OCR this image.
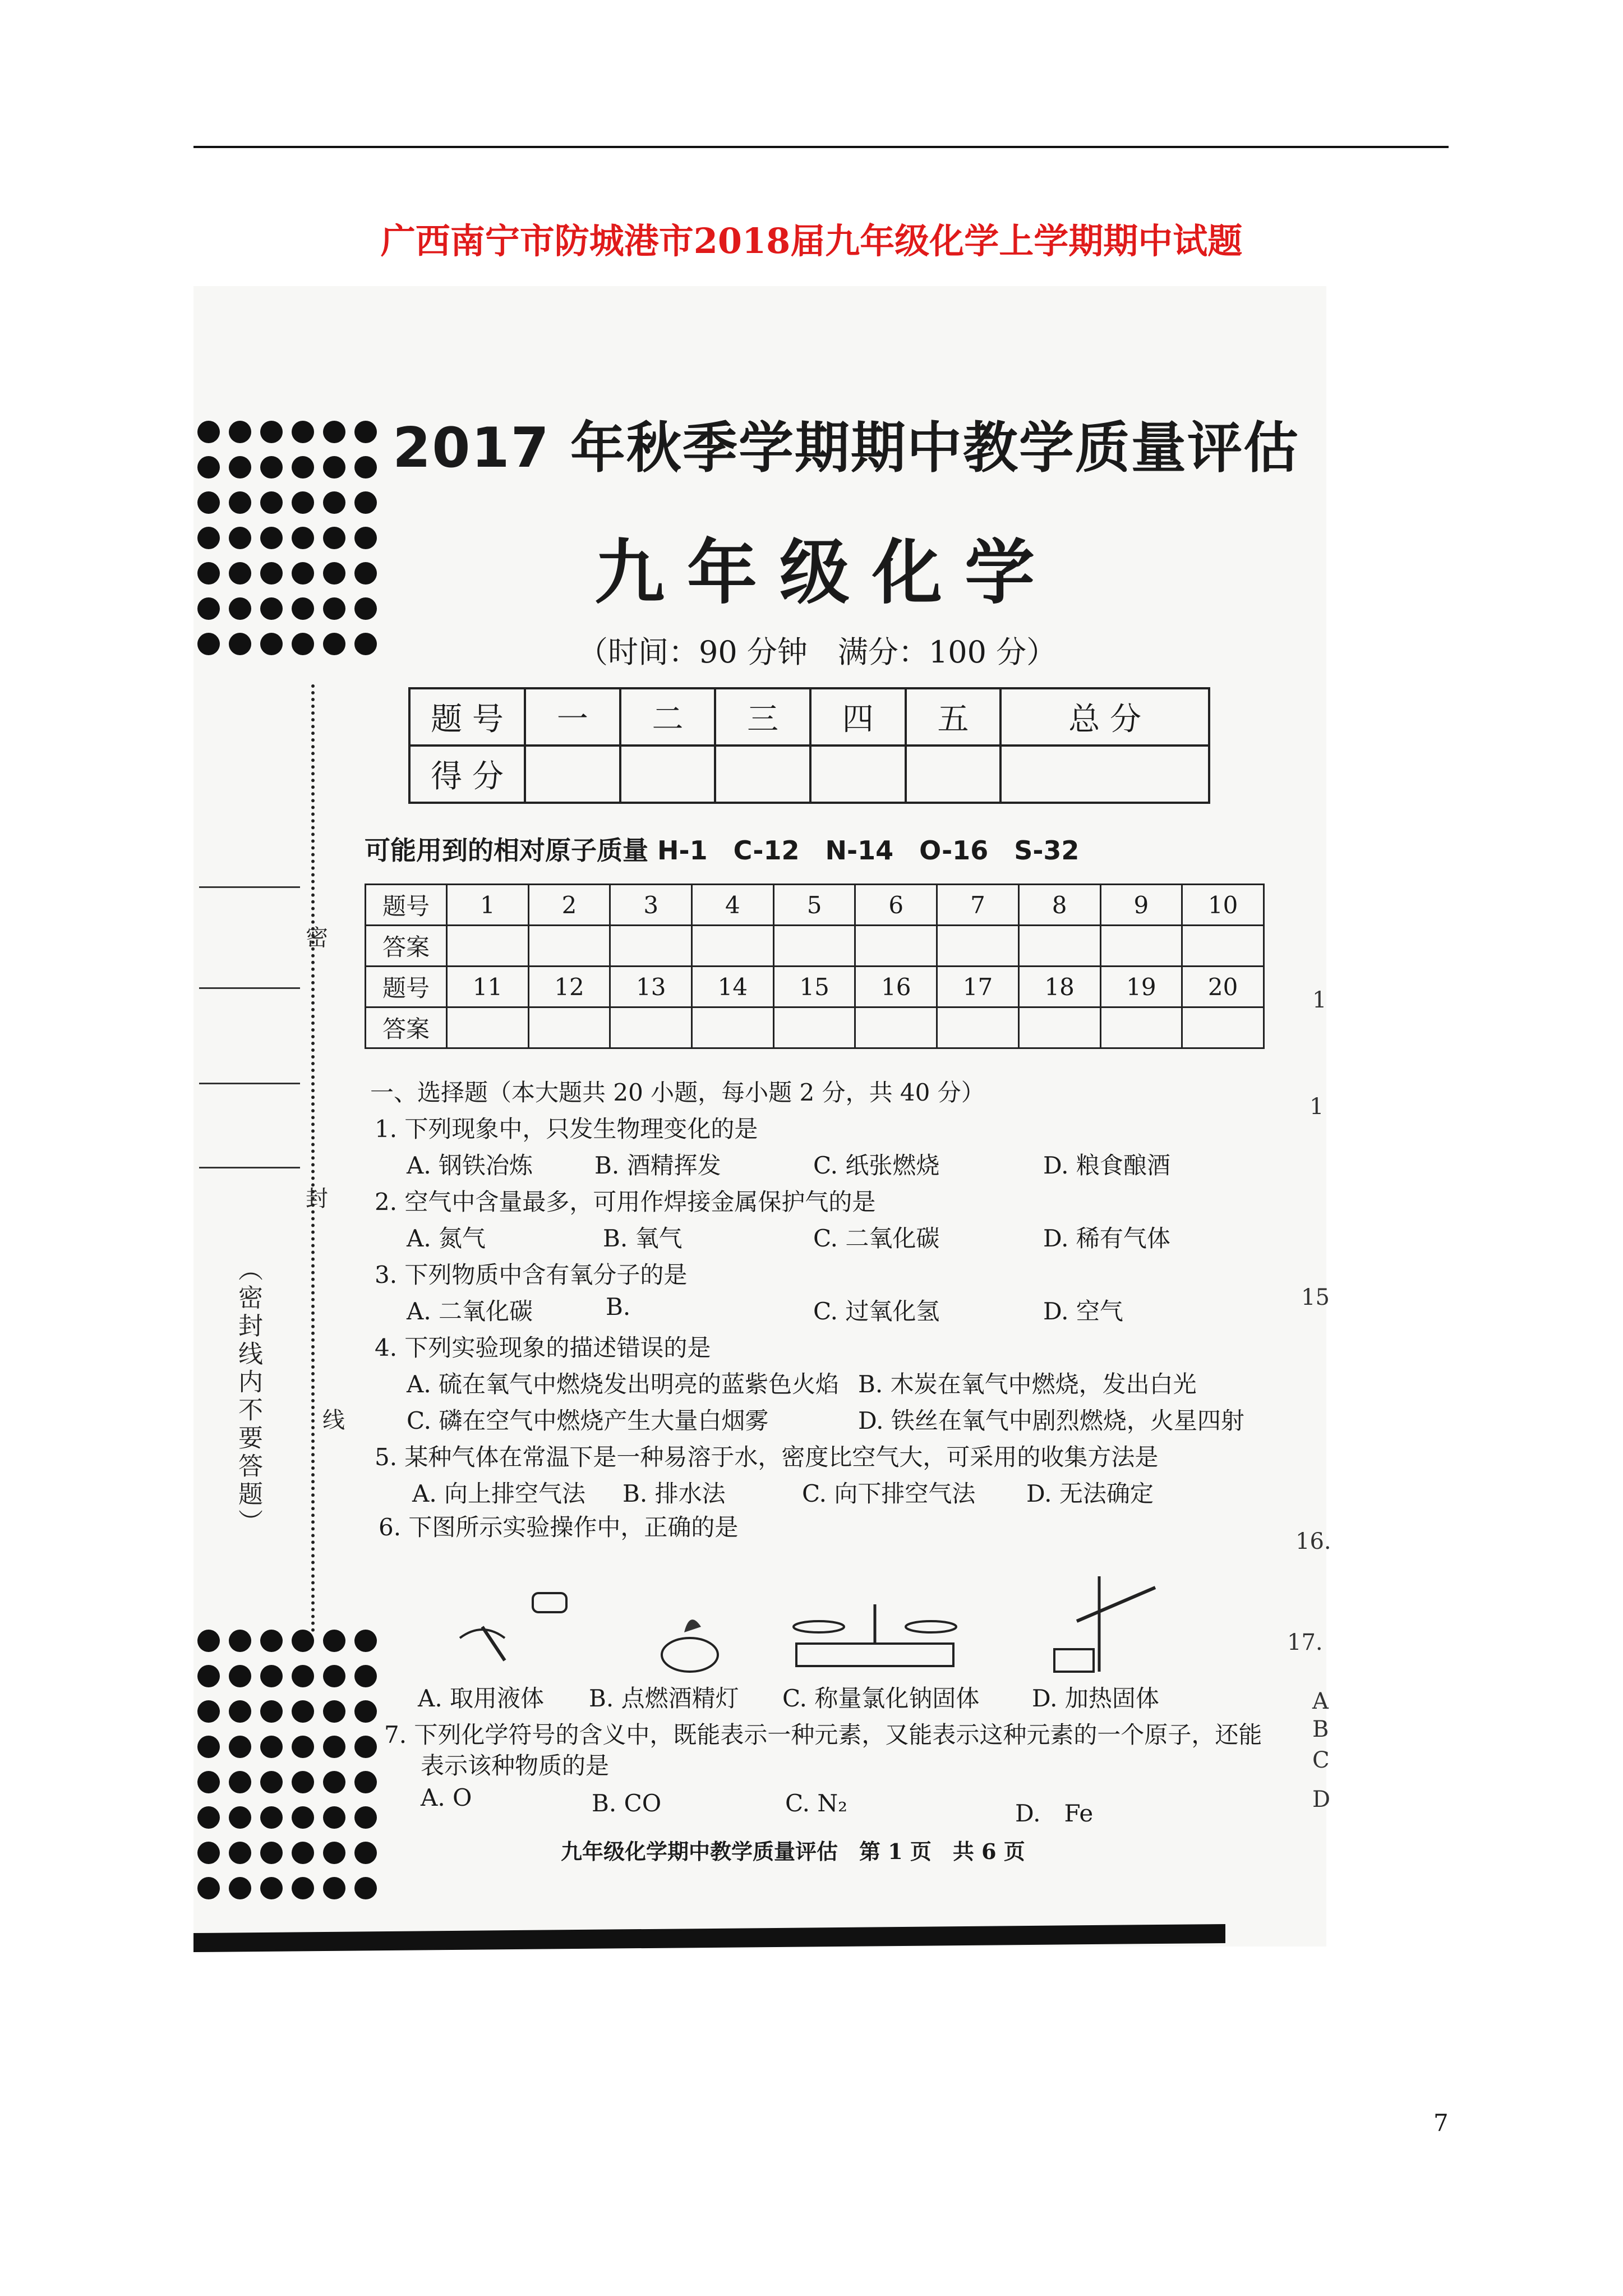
广西南宁市防城港市2018届九年级化学上学期期中试题
密
封
线
（密封线内不要答题）
2017 年秋季学期期中教学质量评估
九年级化学
（时间：90 分钟　满分：100 分）
题 号	一	二	三	四	五	总 分
得 分						
可能用到的相对原子质量 H-1　C-12　N-14　O-16　S-32
题号	1	2	3	4	5	6	7	8	9	10
答案										
题号	11	12	13	14	15	16	17	18	19	20
答案										
一、选择题（本大题共 20 小题，每小题 2 分，共 40 分）
1. 下列现象中，只发生物理变化的是
A. 钢铁冶炼	B. 酒精挥发	C. 纸张燃烧	D. 粮食酿酒
2. 空气中含量最多，可用作焊接金属保护气的是
A. 氮气	B. 氧气	C. 二氧化碳	D. 稀有气体
3. 下列物质中含有氧分子的是
A. 二氧化碳	B.	C. 过氧化氢	D. 空气
4. 下列实验现象的描述错误的是
A. 硫在氧气中燃烧发出明亮的蓝紫色火焰 B. 木炭在氧气中燃烧，发出白光
C. 磷在空气中燃烧产生大量白烟雾	D. 铁丝在氧气中剧烈燃烧，火星四射
5. 某种气体在常温下是一种易溶于水，密度比空气大，可采用的收集方法是
A. 向上排空气法 B. 排水法	C. 向下排空气法 D. 无法确定
6. 下图所示实验操作中，正确的是
A. 取用液体 B. 点燃酒精灯 C. 称量氯化钠固体 D. 加热固体
7. 下列化学符号的含义中，既能表示一种元素，又能表示这种元素的一个原子，还能
表示该种物质的是
A. O	B. CO	C. N₂	D.　Fe
九年级化学期中教学质量评估　第 1 页　共 6 页
1
1
15
16.
17.
A
B
C
D
7
